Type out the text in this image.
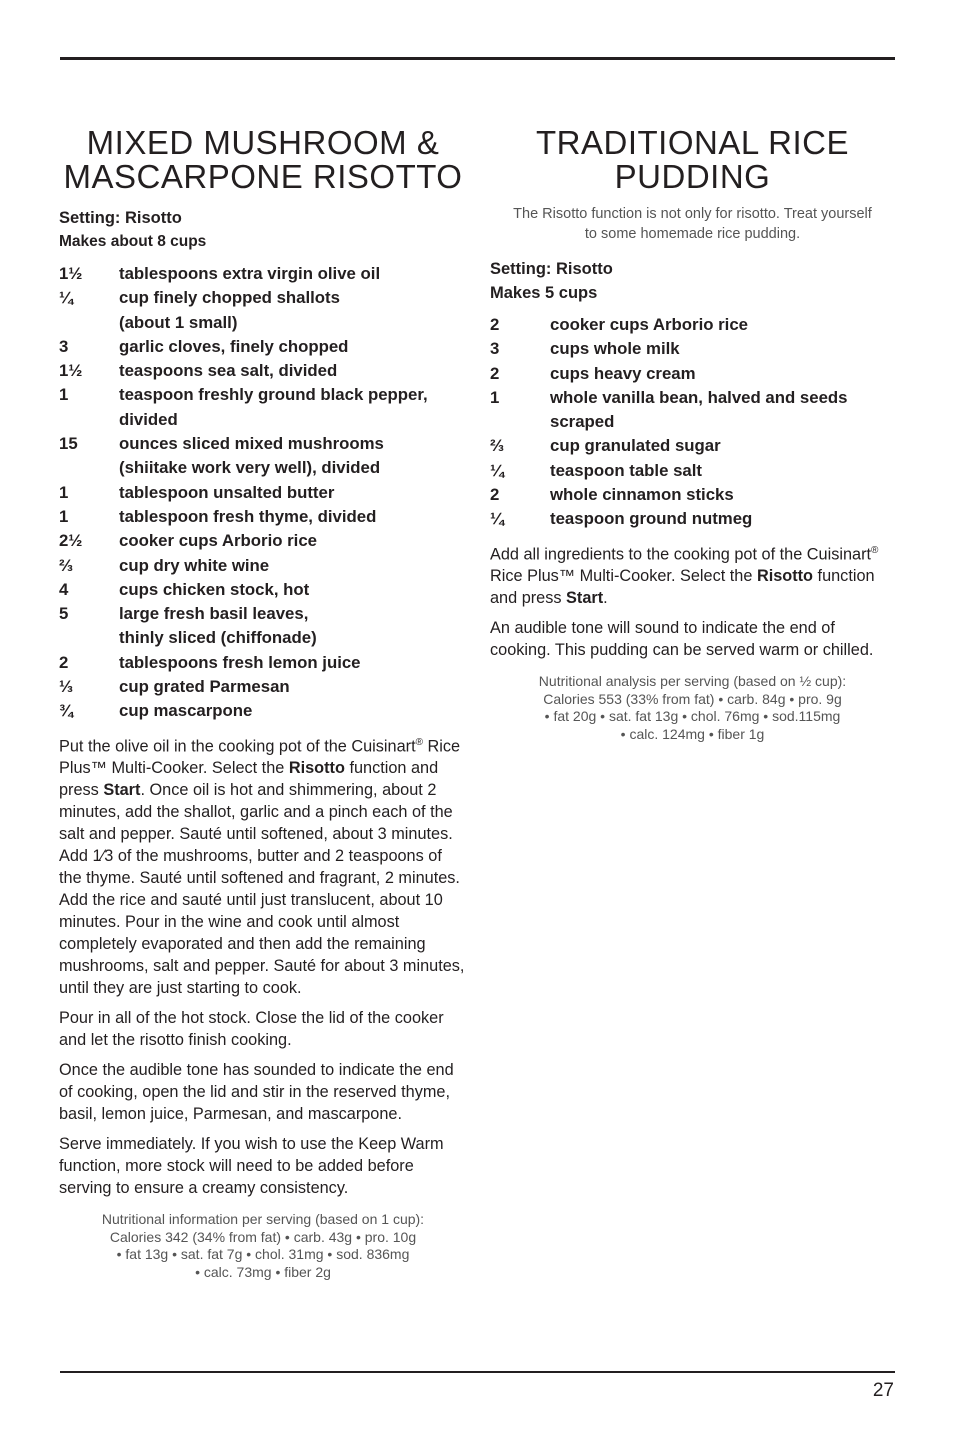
MIXED MUSHROOM &
MASCARPONE RISOTTO
Setting: Risotto
Makes about 8 cups
1½	tablespoons extra virgin olive oil
¼	cup finely chopped shallots
(about 1 small)
3	garlic cloves, finely chopped
1½	teaspoons sea salt, divided
1	teaspoon freshly ground black pepper,
divided
15	ounces sliced mixed mushrooms
(shiitake work very well), divided
1	tablespoon unsalted butter
1	tablespoon fresh thyme, divided
2½	cooker cups Arborio rice
⅔	cup dry white wine
4	cups chicken stock, hot
5	large fresh basil leaves,
thinly sliced (chiffonade)
2	tablespoons fresh lemon juice
⅓	cup grated Parmesan
¾	cup mascarpone

Put the olive oil in the cooking pot of the Cuisinart® Rice Plus™ Multi-Cooker. Select the Risotto function and press Start. Once oil is hot and shimmering, about 2 minutes, add the shallot, garlic and a pinch each of the salt and pepper. Sauté until softened, about 3 minutes. Add 1⁄3 of the mushrooms, butter and 2 teaspoons of the thyme. Sauté until softened and fragrant, 2 minutes. Add the rice and sauté until just translucent, about 10 minutes. Pour in the wine and cook until almost completely evaporated and then add the remaining mushrooms, salt and pepper. Sauté for about 3 minutes, until they are just starting to cook.

Pour in all of the hot stock. Close the lid of the cooker and let the risotto finish cooking.

Once the audible tone has sounded to indicate the end of cooking, open the lid and stir in the reserved thyme, basil, lemon juice, Parmesan, and mascarpone.

Serve immediately. If you wish to use the Keep Warm function, more stock will need to be added before serving to ensure a creamy consistency.

Nutritional information per serving (based on 1 cup):
Calories 342 (34% from fat) • carb. 43g • pro. 10g
• fat 13g • sat. fat 7g • chol. 31mg • sod. 836mg
• calc. 73mg • fiber 2g
TRADITIONAL RICE
PUDDING
The Risotto function is not only for risotto. Treat yourself
to some homemade rice pudding.
Setting: Risotto
Makes 5 cups
2	cooker cups Arborio rice
3	cups whole milk
2	cups heavy cream
1	whole vanilla bean, halved and seeds
scraped
⅔	cup granulated sugar
¼	teaspoon table salt
2	whole cinnamon sticks
¼	teaspoon ground nutmeg

Add all ingredients to the cooking pot of the Cuisinart® Rice Plus™ Multi-Cooker. Select the Risotto function and press Start.

An audible tone will sound to indicate the end of cooking. This pudding can be served warm or chilled.

Nutritional analysis per serving (based on ½ cup):
Calories 553 (33% from fat) • carb. 84g • pro. 9g
• fat 20g • sat. fat 13g • chol. 76mg • sod.115mg
• calc. 124mg • fiber 1g
27
